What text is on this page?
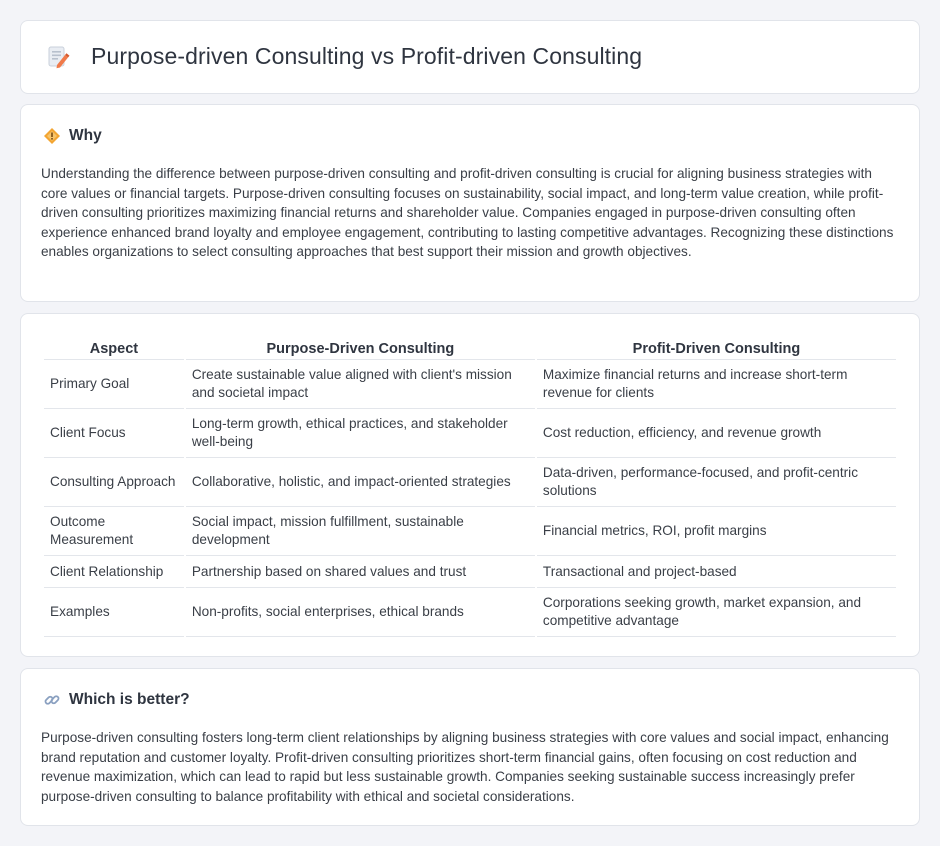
Purpose-driven Consulting vs Profit-driven Consulting
Why

Understanding the difference between purpose-driven consulting and profit-driven consulting is crucial for aligning business strategies with core values or financial targets. Purpose-driven consulting focuses on sustainability, social impact, and long-term value creation, while profit-driven consulting prioritizes maximizing financial returns and shareholder value. Companies engaged in purpose-driven consulting often experience enhanced brand loyalty and employee engagement, contributing to lasting competitive advantages. Recognizing these distinctions enables organizations to select consulting approaches that best support their mission and growth objectives.

Aspect	Purpose-Driven Consulting	Profit-Driven Consulting
Primary Goal	Create sustainable value aligned with client's mission and societal impact	Maximize financial returns and increase short-term revenue for clients
Client Focus	Long-term growth, ethical practices, and stakeholder well-being	Cost reduction, efficiency, and revenue growth
Consulting Approach	Collaborative, holistic, and impact-oriented strategies	Data-driven, performance-focused, and profit-centric solutions
Outcome Measurement	Social impact, mission fulfillment, sustainable development	Financial metrics, ROI, profit margins
Client Relationship	Partnership based on shared values and trust	Transactional and project-based
Examples	Non-profits, social enterprises, ethical brands	Corporations seeking growth, market expansion, and competitive advantage
Which is better?

Purpose-driven consulting fosters long-term client relationships by aligning business strategies with core values and social impact, enhancing brand reputation and customer loyalty. Profit-driven consulting prioritizes short-term financial gains, often focusing on cost reduction and revenue maximization, which can lead to rapid but less sustainable growth. Companies seeking sustainable success increasingly prefer purpose-driven consulting to balance profitability with ethical and societal considerations.
